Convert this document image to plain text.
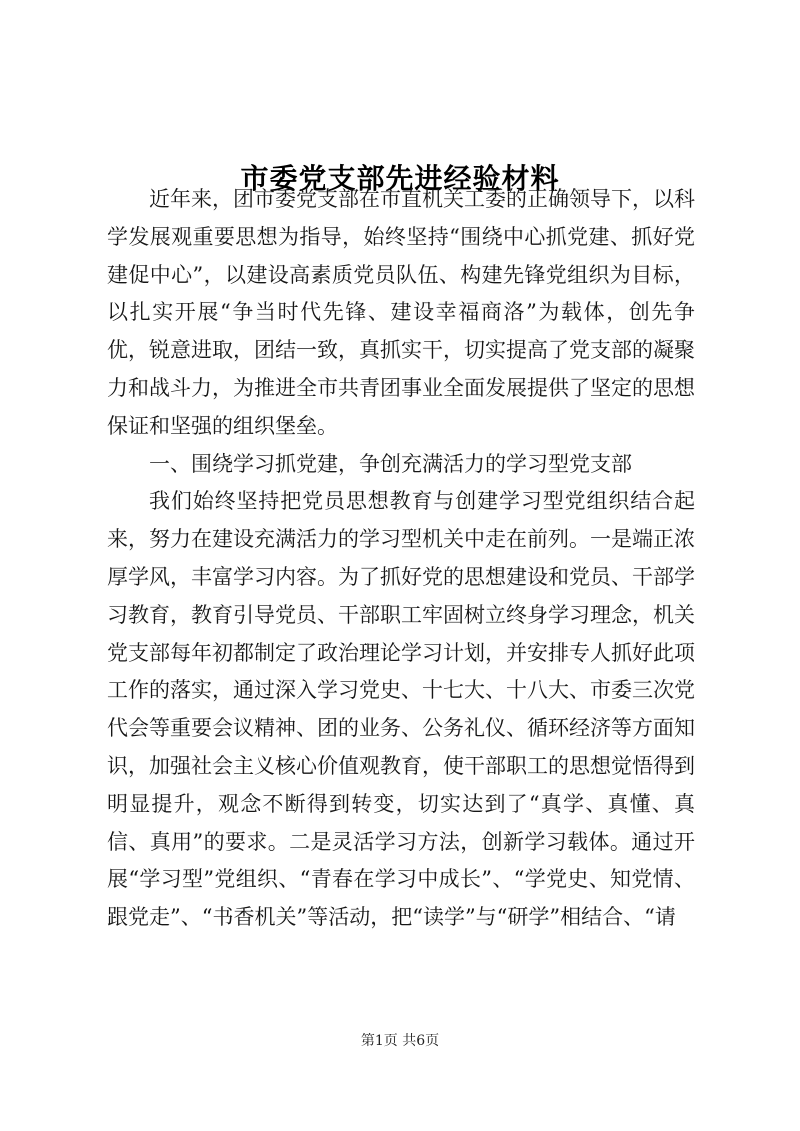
市委党支部先进经验材料

近年来，团市委党支部在市直机关工委的正确领导下，以科学发展观重要思想为指导，始终坚持“围绕中心抓党建、抓好党建促中心”，以建设高素质党员队伍、构建先锋党组织为目标，以扎实开展“争当时代先锋、建设幸福商洛”为载体，创先争优，锐意进取，团结一致，真抓实干，切实提高了党支部的凝聚力和战斗力，为推进全市共青团事业全面发展提供了坚定的思想保证和坚强的组织堡垒。

一、围绕学习抓党建，争创充满活力的学习型党支部

我们始终坚持把党员思想教育与创建学习型党组织结合起来，努力在建设充满活力的学习型机关中走在前列。一是端正浓厚学风，丰富学习内容。为了抓好党的思想建设和党员、干部学习教育，教育引导党员、干部职工牢固树立终身学习理念，机关党支部每年初都制定了政治理论学习计划，并安排专人抓好此项工作的落实，通过深入学习党史、十七大、十八大、市委三次党代会等重要会议精神、团的业务、公务礼仪、循环经济等方面知识，加强社会主义核心价值观教育，使干部职工的思想觉悟得到明显提升，观念不断得到转变，切实达到了“真学、真懂、真信、真用”的要求。二是灵活学习方法，创新学习载体。通过开展“学习型”党组织、“青春在学习中成长”、“学党史、知党情、跟党走”、“书香机关”等活动，把“读学”与“研学”相结合、“请

第1页 共6页
